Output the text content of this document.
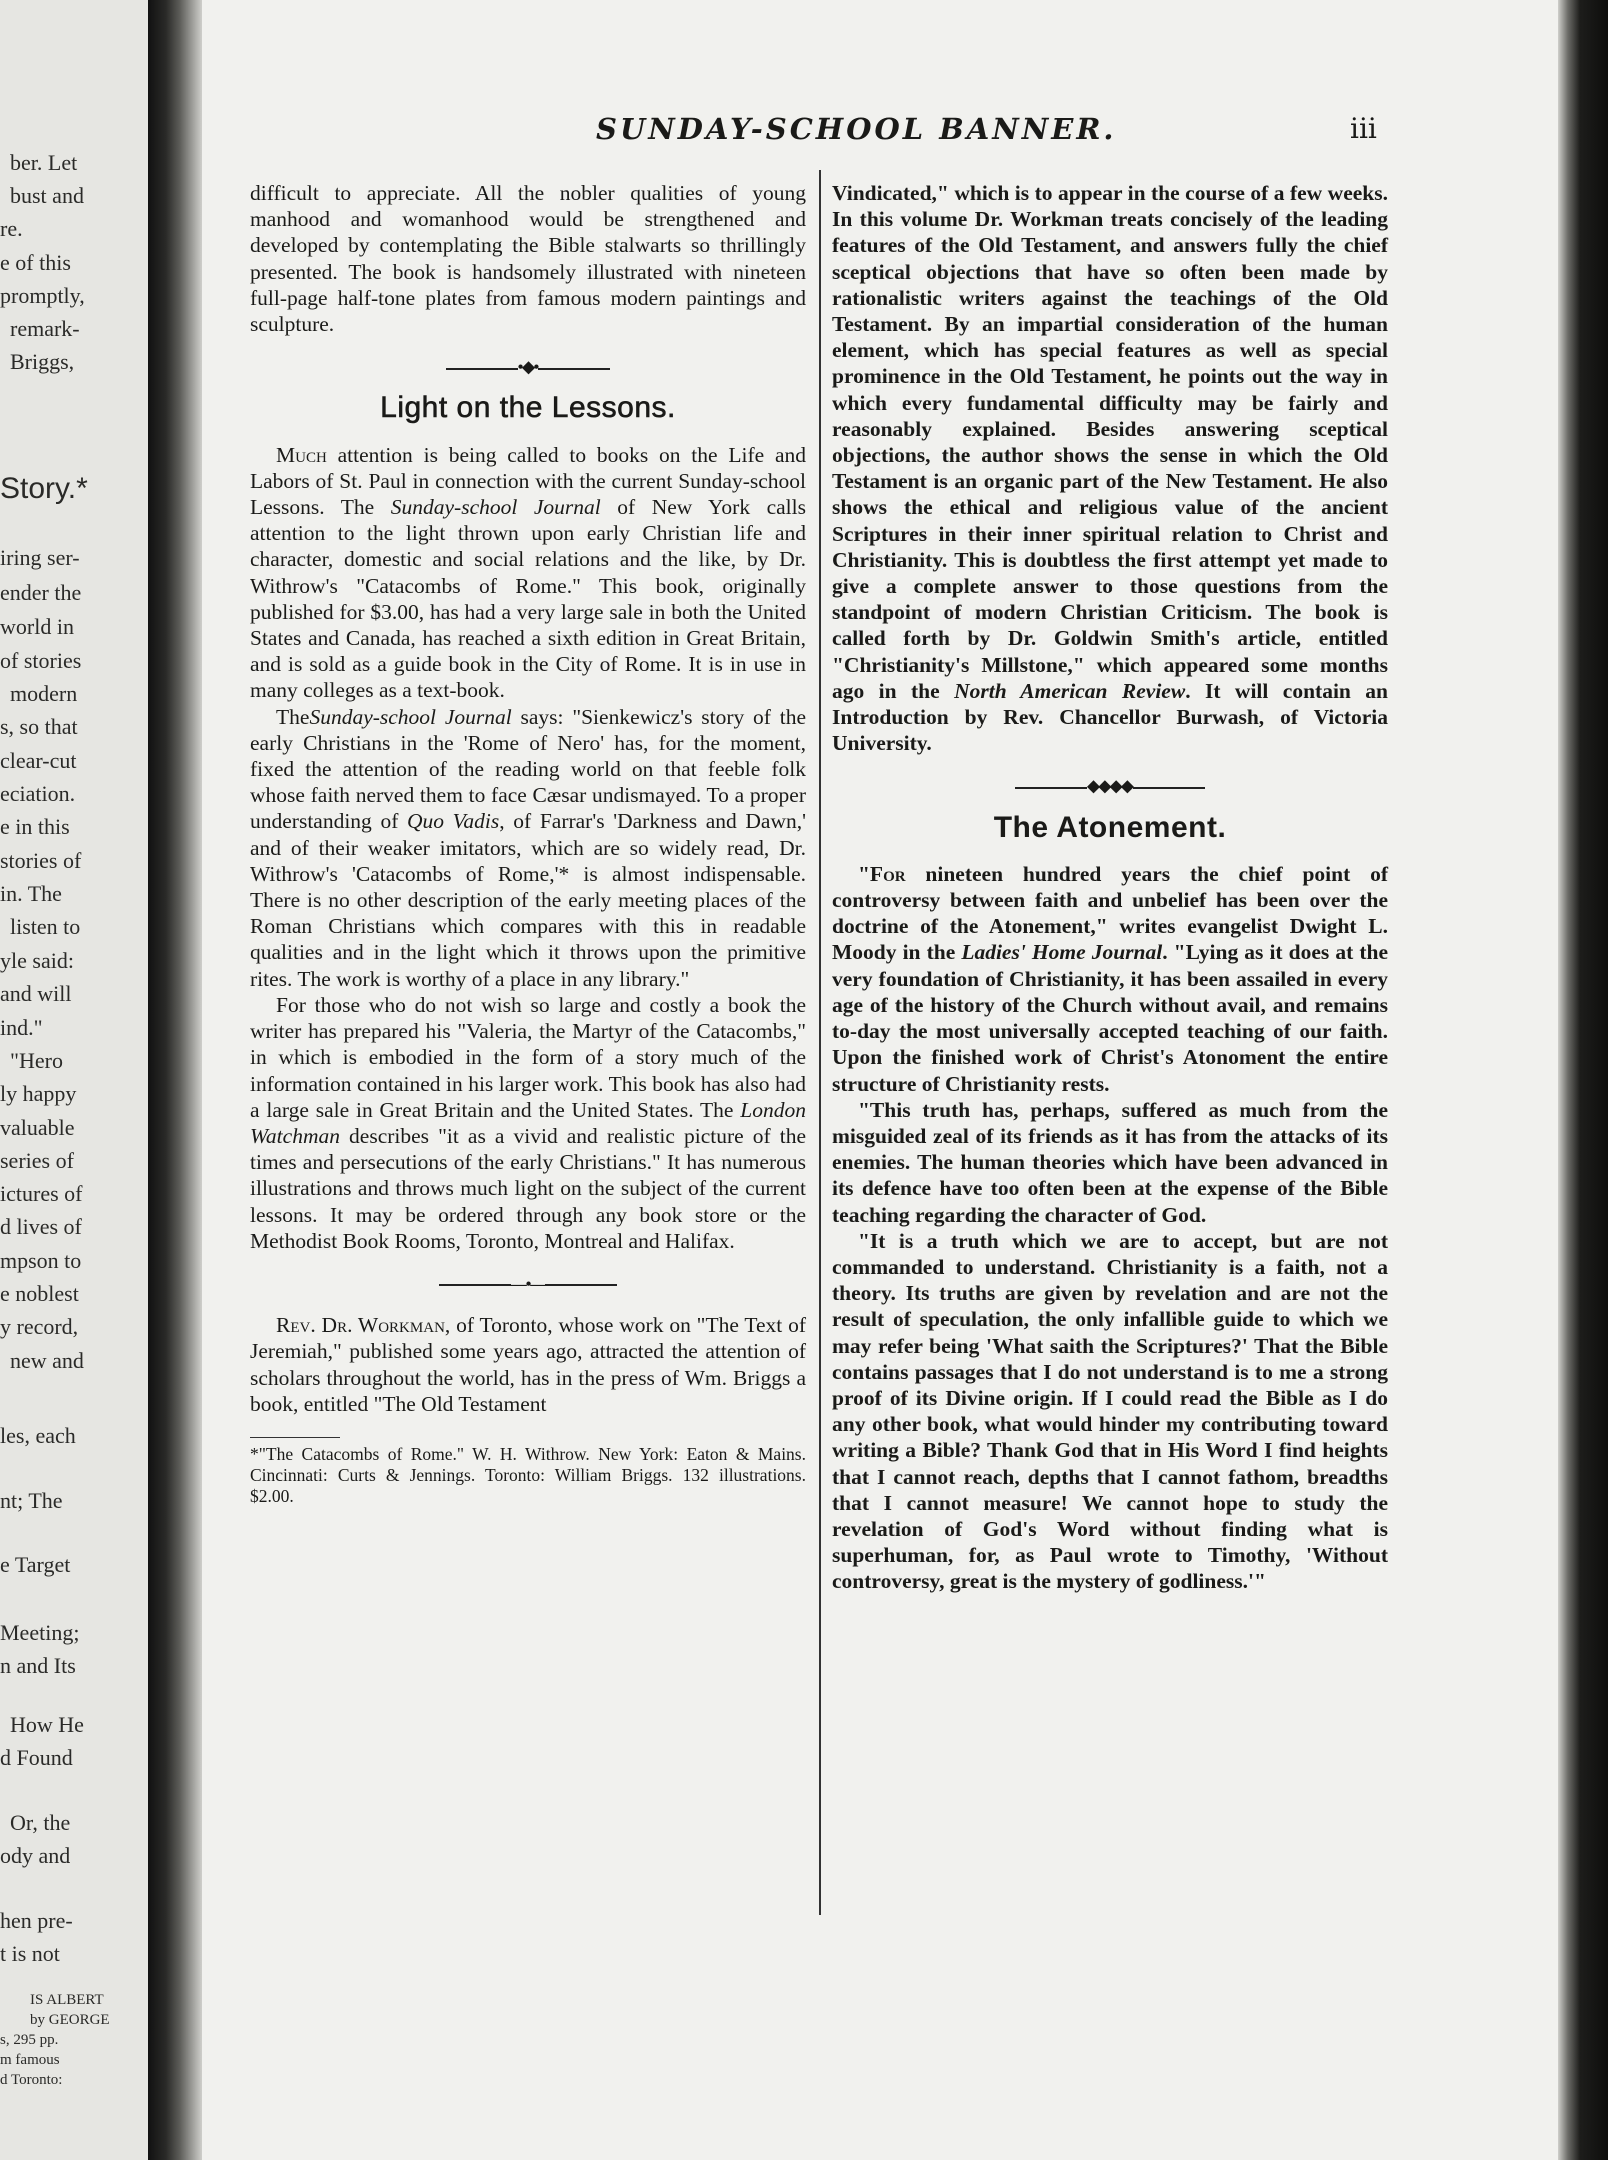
ber. Let
bust and
re.
e of this
promptly,
remark-
Briggs,
Story.*
iring ser-
ender the
world in
of stories
modern
s, so that
clear-cut
eciation.
e in this
stories of
in. The
listen to
yle said:
and will
ind."
"Hero
ly happy
valuable
series of
ictures of
d lives of
mpson to
e noblest
y record,
new and
les, each
nt; The
e Target
Meeting;
n and Its
How He
d Found
Or, the
ody and
hen pre-
t is not
IS ALBERT
by GEORGE
s, 295 pp.
m famous
d Toronto:
SUNDAY-SCHOOL BANNER.	iii

difficult to appreciate. All the nobler qualities of young manhood and womanhood would be strengthened and developed by contemplating the Bible stalwarts so thrillingly presented. The book is handsomely illustrated with nineteen full-page half-tone plates from famous modern paintings and sculpture.

•◆•
Light on the Lessons.

Much attention is being called to books on the Life and Labors of St. Paul in connection with the current Sunday-school Lessons. The Sunday-school Journal of New York calls attention to the light thrown upon early Christian life and character, domestic and social relations and the like, by Dr. Withrow's "Catacombs of Rome." This book, originally published for $3.00, has had a very large sale in both the United States and Canada, has reached a sixth edition in Great Britain, and is sold as a guide book in the City of Rome. It is in use in many colleges as a text-book.

TheSunday-school Journal says: "Sienkewicz's story of the early Christians in the 'Rome of Nero' has, for the moment, fixed the attention of the reading world on that feeble folk whose faith nerved them to face Cæsar undismayed. To a proper understanding of Quo Vadis, of Farrar's 'Darkness and Dawn,' and of their weaker imitators, which are so widely read, Dr. Withrow's 'Catacombs of Rome,'* is almost indispensable. There is no other description of the early meeting places of the Roman Christians which compares with this in readable qualities and in the light which it throws upon the primitive rites. The work is worthy of a place in any library."

For those who do not wish so large and costly a book the writer has prepared his "Valeria, the Martyr of the Catacombs," in which is embodied in the form of a story much of the information contained in his larger work. This book has also had a large sale in Great Britain and the United States. The London Watchman describes "it as a vivid and realistic picture of the times and persecutions of the early Christians." It has numerous illustrations and throws much light on the subject of the current lessons. It may be ordered through any book store or the Methodist Book Rooms, Toronto, Montreal and Halifax.

—•—

Rev. Dr. Workman, of Toronto, whose work on "The Text of Jeremiah," published some years ago, attracted the attention of scholars throughout the world, has in the press of Wm. Briggs a book, entitled "The Old Testament

*"The Catacombs of Rome." W. H. Withrow. New York: Eaton & Mains. Cincinnati: Curts & Jennings. Toronto: William Briggs. 132 illustrations. $2.00.

Vindicated," which is to appear in the course of a few weeks. In this volume Dr. Workman treats concisely of the leading features of the Old Testament, and answers fully the chief sceptical objections that have so often been made by rationalistic writers against the teachings of the Old Testament. By an impartial consideration of the human element, which has special features as well as special prominence in the Old Testament, he points out the way in which every fundamental difficulty may be fairly and reasonably explained. Besides answering sceptical objections, the author shows the sense in which the Old Testament is an organic part of the New Testament. He also shows the ethical and religious value of the ancient Scriptures in their inner spiritual relation to Christ and Christianity. This is doubtless the first attempt yet made to give a complete answer to those questions from the standpoint of modern Christian Criticism. The book is called forth by Dr. Goldwin Smith's article, entitled "Christianity's Millstone," which appeared some months ago in the North American Review. It will contain an Introduction by Rev. Chancellor Burwash, of Victoria University.

◆◆◆◆
The Atonement.

"For nineteen hundred years the chief point of controversy between faith and unbelief has been over the doctrine of the Atonement," writes evangelist Dwight L. Moody in the Ladies' Home Journal. "Lying as it does at the very foundation of Christianity, it has been assailed in every age of the history of the Church without avail, and remains to-day the most universally accepted teaching of our faith. Upon the finished work of Christ's Atonoment the entire structure of Christianity rests.

"This truth has, perhaps, suffered as much from the misguided zeal of its friends as it has from the attacks of its enemies. The human theories which have been advanced in its defence have too often been at the expense of the Bible teaching regarding the character of God.

"It is a truth which we are to accept, but are not commanded to understand. Christianity is a faith, not a theory. Its truths are given by revelation and are not the result of speculation, the only infallible guide to which we may refer being 'What saith the Scriptures?' That the Bible contains passages that I do not understand is to me a strong proof of its Divine origin. If I could read the Bible as I do any other book, what would hinder my contributing toward writing a Bible? Thank God that in His Word I find heights that I cannot reach, depths that I cannot fathom, breadths that I cannot measure! We cannot hope to study the revelation of God's Word without finding what is superhuman, for, as Paul wrote to Timothy, 'Without controversy, great is the mystery of godliness.'"
